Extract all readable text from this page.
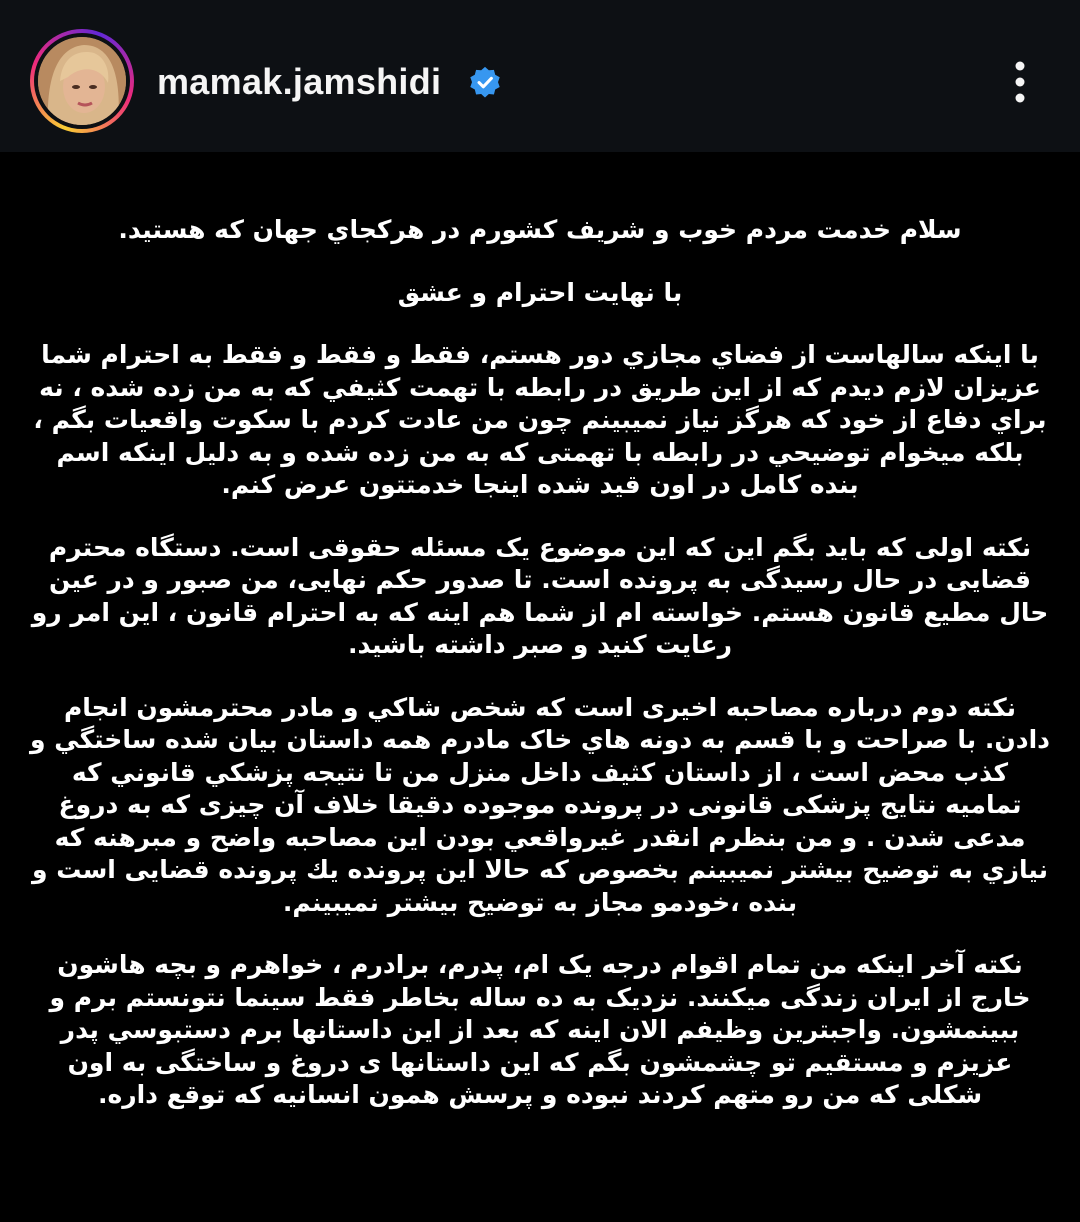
mamak.jamshidi

سلام خدمت مردم خوب و شريف کشورم در هرکجاي جهان که هستيد.

با نهايت احترام و عشق

با اينکه سالهاست از فضاي مجازي دور هستم، فقط و فقط و فقط به احترام شما عزيزان لازم ديدم که از اين طريق در رابطه با تهمت کثيفي که به من زده شده ، نه براي دفاع از خود که هرگز نياز نميبينم چون من عادت کردم با سکوت واقعيات بگم ، بلکه ميخوام توضيحي در رابطه با تهمتی که به من زده شده و به دليل اينکه اسم بنده کامل در اون قيد شده اينجا خدمتتون عرض کنم.

نکته اولی که بايد بگم اين که اين موضوع يک مسئله حقوقی است. دستگاه محترم قضايی در حال رسيدگی به پرونده است. تا صدور حکم نهايی، من صبور و در عين حال مطيع قانون هستم. خواسته ام از شما هم اينه که به احترام قانون ، اين امر رو رعايت کنيد و صبر داشته باشيد.

نکته دوم درباره مصاحبه اخيری است که شخص شاکي و مادر محترمشون انجام دادن. با صراحت و با قسم به دونه هاي خاک مادرم همه داستان بيان شده ساختگي و کذب محض است ، از داستان کثيف داخل منزل من تا نتيجه پزشکي قانوني که تماميه نتايج پزشکی قانونی در پرونده موجوده دقيقا خلاف آن چيزی که به دروغ مدعی شدن . و من بنظرم انقدر غيرواقعي بودن اين مصاحبه واضح و مبرهنه که نيازي به توضيح بيشتر نميبينم بخصوص که حالا اين پرونده يك پرونده قضايی است و بنده ،خودمو مجاز به توضيح بيشتر نميبينم.

نکته آخر اينکه من تمام اقوام درجه يک ام، پدرم، برادرم ، خواهرم و بچه هاشون خارج از ايران زندگی ميکنند. نزديک به ده ساله بخاطر فقط سينما نتونستم برم و ببينمشون. واجبترين وظيفم الان اينه که بعد از اين داستانها برم دستبوسي پدر عزيزم و مستقيم تو چشمشون بگم که اين داستانها ی دروغ و ساختگی به اون شکلی که من رو متهم کردند نبوده و پرسش همون انسانيه که توقع داره.
